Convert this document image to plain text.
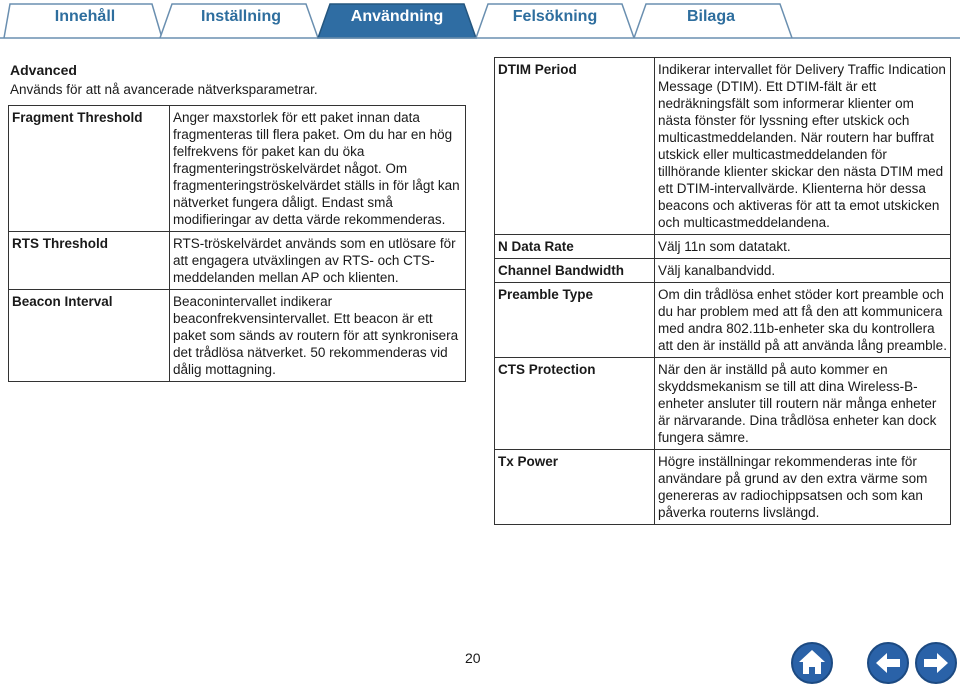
Innehåll	Inställning	Användning	Felsökning	Bilaga
Advanced
Används för att nå avancerade nätverksparametrar.
Fragment Threshold	Anger maxstorlek för ett paket innan data fragmenteras till flera paket. Om du har en hög felfrekvens för paket kan du öka fragmenteringströskelvärdet något. Om fragmenteringströskelvärdet ställs in för lågt kan nätverket fungera dåligt. Endast små modifieringar av detta värde rekommenderas.
RTS Threshold	RTS-tröskelvärdet används som en utlösare för att engagera utväxlingen av RTS- och CTS-meddelanden mellan AP och klienten.
Beacon Interval	Beaconintervallet indikerar beaconfrekvensintervallet. Ett beacon är ett paket som sänds av routern för att synkronisera det trådlösa nätverket. 50 rekommenderas vid dålig mottagning.
DTIM Period	Indikerar intervallet för Delivery Traffic Indication Message (DTIM). Ett DTIM-fält är ett nedräkningsfält som informerar klienter om nästa fönster för lyssning efter utskick och multicastmeddelanden. När routern har buffrat utskick eller multicastmeddelanden för tillhörande klienter skickar den nästa DTIM med ett DTIM-intervallvärde. Klienterna hör dessa beacons och aktiveras för att ta emot utskicken och multicastmeddelandena.
N Data Rate	Välj 11n som datatakt.
Channel Bandwidth	Välj kanalbandvidd.
Preamble Type	Om din trådlösa enhet stöder kort preamble och du har problem med att få den att kommunicera med andra 802.11b-enheter ska du kontrollera att den är inställd på att använda lång preamble.
CTS Protection	När den är inställd på auto kommer en skyddsmekanism se till att dina Wireless-B-enheter ansluter till routern när många enheter är närvarande. Dina trådlösa enheter kan dock fungera sämre.
Tx Power	Högre inställningar rekommenderas inte för användare på grund av den extra värme som genereras av radiochippsatsen och som kan påverka routerns livslängd.
20
